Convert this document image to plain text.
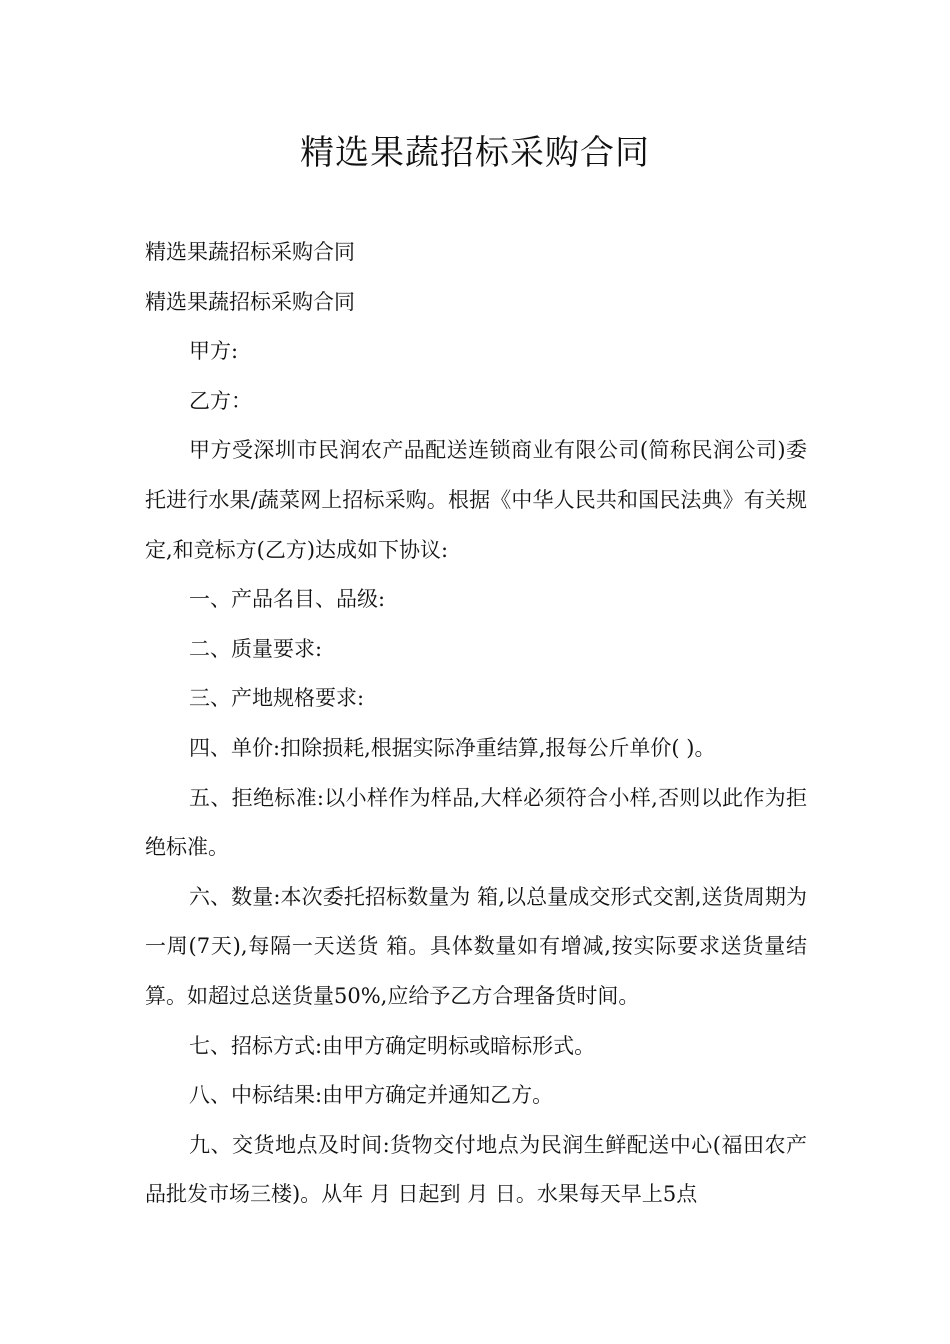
精选果蔬招标采购合同

精选果蔬招标采购合同

精选果蔬招标采购合同

甲方:

乙方：

甲方受深圳市民润农产品配送连锁商业有限公司(简称民润公司)委托进行水果/蔬菜网上招标采购。根据《中华人民共和国民法典》有关规定,和竞标方(乙方)达成如下协议:

一、产品名目、品级:

二、质量要求:

三、产地规格要求:

四、单价:扣除损耗,根据实际净重结算,报每公斤单价( )。

五、拒绝标准:以小样作为样品,大样必须符合小样,否则以此作为拒绝标准。

六、数量:本次委托招标数量为 箱,以总量成交形式交割,送货周期为一周(7天),每隔一天送货 箱。具体数量如有增减,按实际要求送货量结算。如超过总送货量50%,应给予乙方合理备货时间。

七、招标方式:由甲方确定明标或暗标形式。

八、中标结果:由甲方确定并通知乙方。

九、交货地点及时间:货物交付地点为民润生鲜配送中心(福田农产品批发市场三楼)。从年 月 日起到 月 日。水果每天早上5点
